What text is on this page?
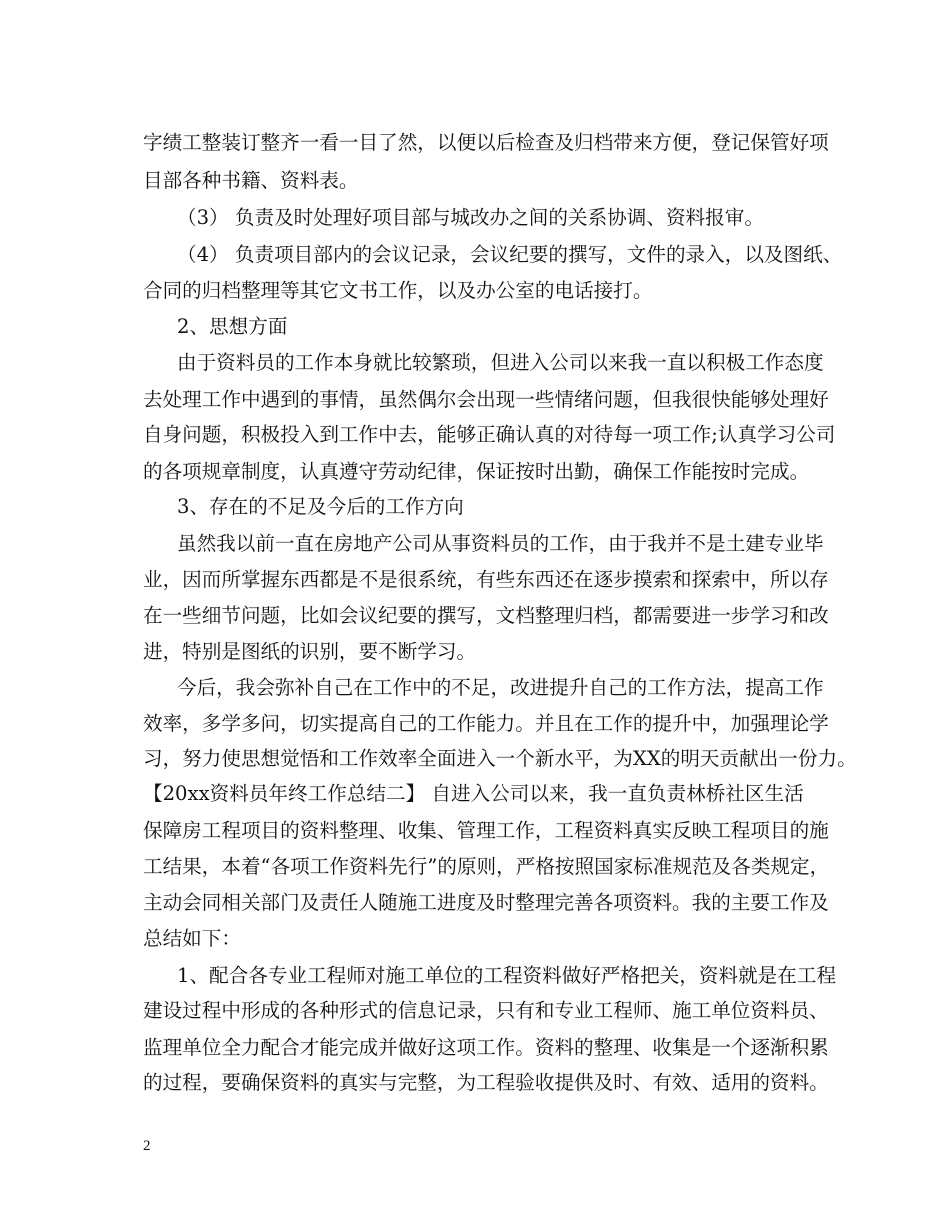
字绩工整装订整齐一看一目了然，以便以后检查及归档带来方便，登记保管好项
目部各种书籍、资料表。
（3） 负责及时处理好项目部与城改办之间的关系协调、资料报审。
（4） 负责项目部内的会议记录，会议纪要的撰写，文件的录入，以及图纸、
合同的归档整理等其它文书工作，以及办公室的电话接打。
2、思想方面
由于资料员的工作本身就比较繁琐，但进入公司以来我一直以积极工作态度
去处理工作中遇到的事情，虽然偶尔会出现一些情绪问题，但我很快能够处理好
自身问题，积极投入到工作中去，能够正确认真的对待每一项工作;认真学习公司
的各项规章制度，认真遵守劳动纪律，保证按时出勤，确保工作能按时完成。
3、存在的不足及今后的工作方向
虽然我以前一直在房地产公司从事资料员的工作，由于我并不是土建专业毕
业，因而所掌握东西都是不是很系统，有些东西还在逐步摸索和探索中，所以存
在一些细节问题，比如会议纪要的撰写，文档整理归档，都需要进一步学习和改
进，特别是图纸的识别，要不断学习。
今后，我会弥补自己在工作中的不足，改进提升自己的工作方法，提高工作
效率，多学多问，切实提高自己的工作能力。并且在工作的提升中，加强理论学
习，努力使思想觉悟和工作效率全面进入一个新水平，为XX的明天贡献出一份力。
【20xx资料员年终工作总结二】 自进入公司以来，我一直负责林桥社区生活
保障房工程项目的资料整理、收集、管理工作，工程资料真实反映工程项目的施
工结果，本着“各项工作资料先行”的原则，严格按照国家标准规范及各类规定，
主动会同相关部门及责任人随施工进度及时整理完善各项资料。我的主要工作及
总结如下：
1、配合各专业工程师对施工单位的工程资料做好严格把关，资料就是在工程
建设过程中形成的各种形式的信息记录，只有和专业工程师、施工单位资料员、
监理单位全力配合才能完成并做好这项工作。资料的整理、收集是一个逐渐积累
的过程，要确保资料的真实与完整，为工程验收提供及时、有效、适用的资料。
2
